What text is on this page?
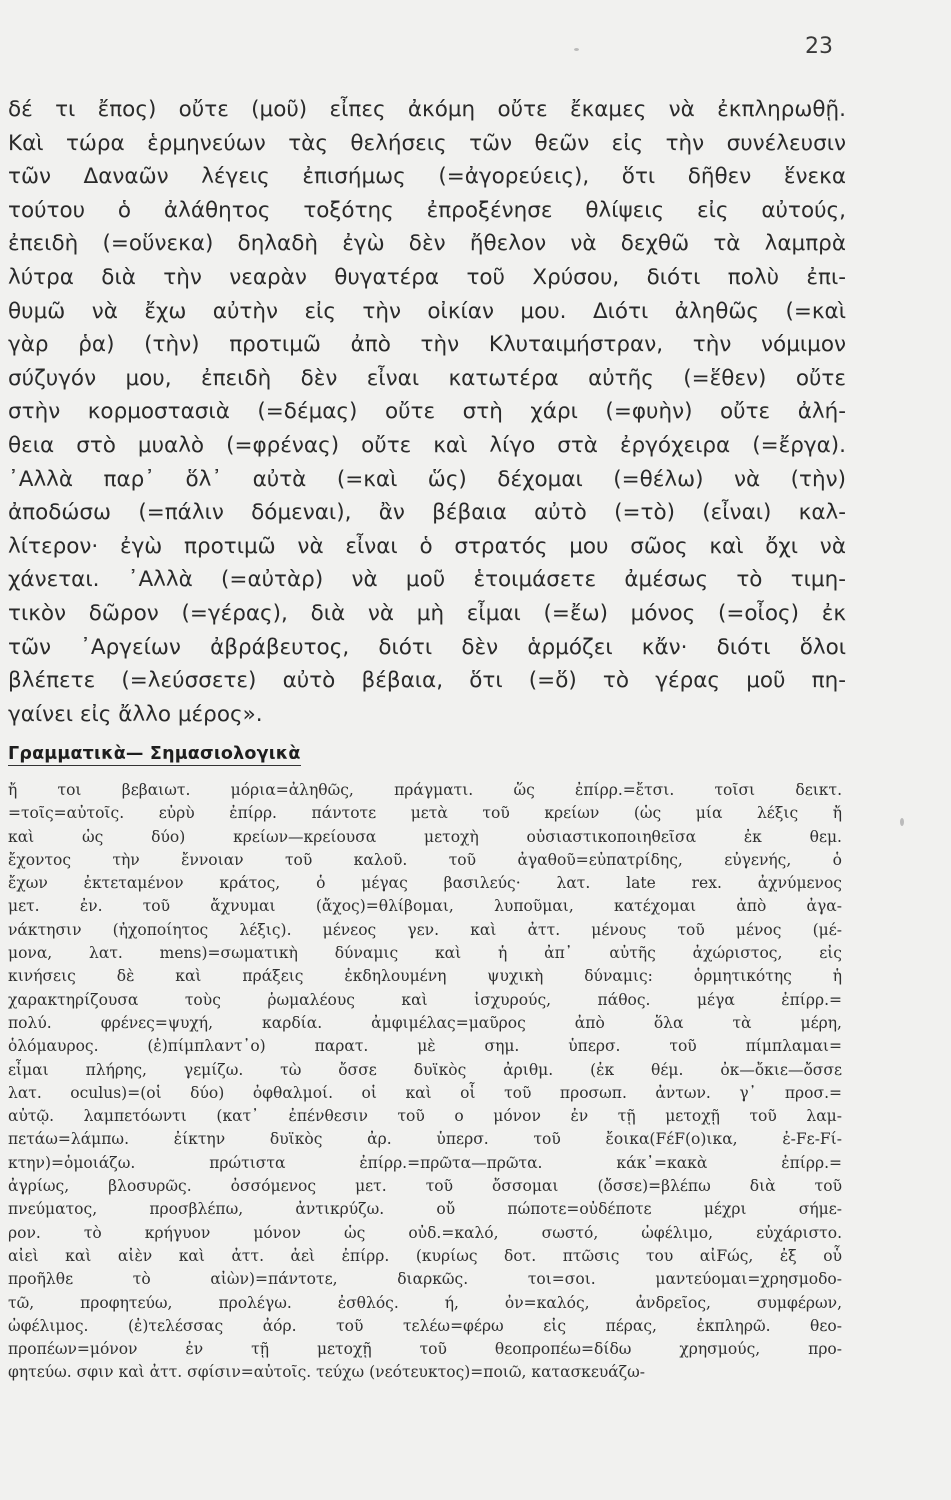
23
δέ τι ἔπος) οὔτε (μοῦ) εἶπες ἀκόμη οὔτε ἔκαμες νὰ ἐκπληρωθῇ.
Καὶ τώρα ἑρμηνεύων τὰς θελήσεις τῶν θεῶν εἰς τὴν συνέλευσιν
τῶν Δαναῶν λέγεις ἐπισήμως (=ἀγορεύεις), ὅτι δῆθεν ἕνεκα
τούτου ὁ ἀλάθητος τοξότης ἐπροξένησε θλίψεις εἰς αὐτούς,
ἐπειδὴ (=οὕνεκα) δηλαδὴ ἐγὼ δὲν ἤθελον νὰ δεχθῶ τὰ λαμπρὰ
λύτρα διὰ τὴν νεαρὰν θυγατέρα τοῦ Χρύσου, διότι πολὺ ἐπι-
θυμῶ νὰ ἔχω αὐτὴν εἰς τὴν οἰκίαν μου. Διότι ἀληθῶς (=καὶ
γὰρ ῥα) (τὴν) προτιμῶ ἀπὸ τὴν Κλυταιμήστραν, τὴν νόμιμον
σύζυγόν μου, ἐπειδὴ δὲν εἶναι κατωτέρα αὐτῆς (=ἕθεν) οὔτε
στὴν κορμοστασιὰ (=δέμας) οὔτε στὴ χάρι (=φυὴν) οὔτε ἀλή-
θεια στὸ μυαλὸ (=φρένας) οὔτε καὶ λίγο στὰ ἐργόχειρα (=ἔργα).
᾿Αλλὰ παρ᾿ ὅλ᾿ αὐτὰ (=καὶ ὥς) δέχομαι (=θέλω) νὰ (τὴν)
ἀποδώσω (=πάλιν δόμεναι), ἂν βέβαια αὐτὸ (=τὸ) (εἶναι) καλ-
λίτερον· ἐγὼ προτιμῶ νὰ εἶναι ὁ στρατός μου σῶος καὶ ὄχι νὰ
χάνεται. ᾿Αλλὰ (=αὐτὰρ) νὰ μοῦ ἑτοιμάσετε ἀμέσως τὸ τιμη-
τικὸν δῶρον (=γέρας), διὰ νὰ μὴ εἶμαι (=ἔω) μόνος (=οἶος) ἐκ
τῶν ᾿Αργείων ἀβράβευτος, διότι δὲν ἁρμόζει κἄν· διότι ὅλοι
βλέπετε (=λεύσσετε) αὐτὸ βέβαια, ὅτι (=ὅ) τὸ γέρας μοῦ πη-
γαίνει εἰς ἄλλο μέρος».
Γραμματικὰ— Σημασιολογικὰ
ἤ τοι βεβαιωτ. μόρια=ἀληθῶς, πράγματι. ὥς ἐπίρρ.=ἔτσι. τοῖσι δεικτ.
=τοῖς=αὐτοῖς. εὐρὺ ἐπίρρ. πάντοτε μετὰ τοῦ κρείων (ὡς μία λέξις ἤ
καὶ ὡς δύο) κρείων—κρείουσα μετοχὴ οὐσιαστικοποιηθεῖσα ἐκ θεμ.
ἔχοντος τὴν ἔννοιαν τοῦ καλοῦ. τοῦ ἀγαθοῦ=εὐπατρίδης, εὐγενής, ὁ
ἔχων ἐκτεταμένον κράτος, ὁ μέγας βασιλεύς· λατ. late rex. ἀχνύμενος
μετ. ἐν. τοῦ ἄχνυμαι (ἄχος)=θλίβομαι, λυποῦμαι, κατέχομαι ἀπὸ ἀγα-
νάκτησιν (ἠχοποίητος λέξις). μένεος γεν. καὶ ἀττ. μένους τοῦ μένος (μέ-
μονα, λατ. mens)=σωματικὴ δύναμις καὶ ἡ ἀπ᾿ αὐτῆς ἀχώριστος, εἰς
κινήσεις δὲ καὶ πράξεις ἐκδηλουμένη ψυχικὴ δύναμις: ὁρμητικότης ἡ
χαρακτηρίζουσα τοὺς ῥωμαλέους καὶ ἰσχυρούς, πάθος. μέγα ἐπίρρ.=
πολύ. φρένες=ψυχή, καρδία. ἀμφιμέλας=μαῦρος ἀπὸ ὅλα τὰ μέρη,
ὁλόμαυρος. (ἐ)πίμπλαντ᾿ο) παρατ. μὲ σημ. ὑπερσ. τοῦ πίμπλαμαι=
εἶμαι πλήρης, γεμίζω. τὼ ὄσσε δυϊκὸς ἀριθμ. (ἐκ θέμ. ὀκ—ὄκιε—ὄσσε
λατ. oculus)=(οἱ δύο) ὀφθαλμοί. οἱ καὶ οἷ τοῦ προσωπ. ἀντων. γ᾿ προσ.=
αὐτῷ. λαμπετόωντι (κατ᾿ ἐπένθεσιν τοῦ ο μόνον ἐν τῇ μετοχῇ τοῦ λαμ-
πετάω=λάμπω. ἐίκτην δυϊκὸς ἀρ. ὑπερσ. τοῦ ἔοικα(FέF(ο)ικα, ἐ-Fε-Fί-
κτην)=ὁμοιάζω. πρώτιστα ἐπίρρ.=πρῶτα—πρῶτα. κάκ᾿=κακὰ ἐπίρρ.=
ἀγρίως, βλοσυρῶς. ὀσσόμενος μετ. τοῦ ὄσσομαι (ὄσσε)=βλέπω διὰ τοῦ
πνεύματος, προσβλέπω, ἀντικρύζω. οὔ πώποτε=οὐδέποτε μέχρι σήμε-
ρον. τὸ κρήγυον μόνον ὡς οὐδ.=καλό, σωστό, ὠφέλιμο, εὐχάριστο.
αἰεὶ καὶ αἰὲν καὶ ἀττ. ἀεὶ ἐπίρρ. (κυρίως δοτ. πτῶσις του αἰFώς, ἐξ οὗ
προῆλθε τὸ αἰὼν)=πάντοτε, διαρκῶς. τοι=σοι. μαντεύομαι=χρησμοδο-
τῶ, προφητεύω, προλέγω. ἐσθλός. ή, ὀν=καλός, ἀνδρεῖος, συμφέρων,
ὠφέλιμος. (ἐ)τελέσσας ἀόρ. τοῦ τελέω=φέρω εἰς πέρας, ἐκπληρῶ. θεο-
προπέων=μόνον ἐν τῇ μετοχῇ τοῦ θεοπροπέω=δίδω χρησμούς, προ-
φητεύω. σφιν καὶ ἀττ. σφίσιν=αὐτοῖς. τεύχω (νεότευκτος)=ποιῶ, κατασκευάζω-
